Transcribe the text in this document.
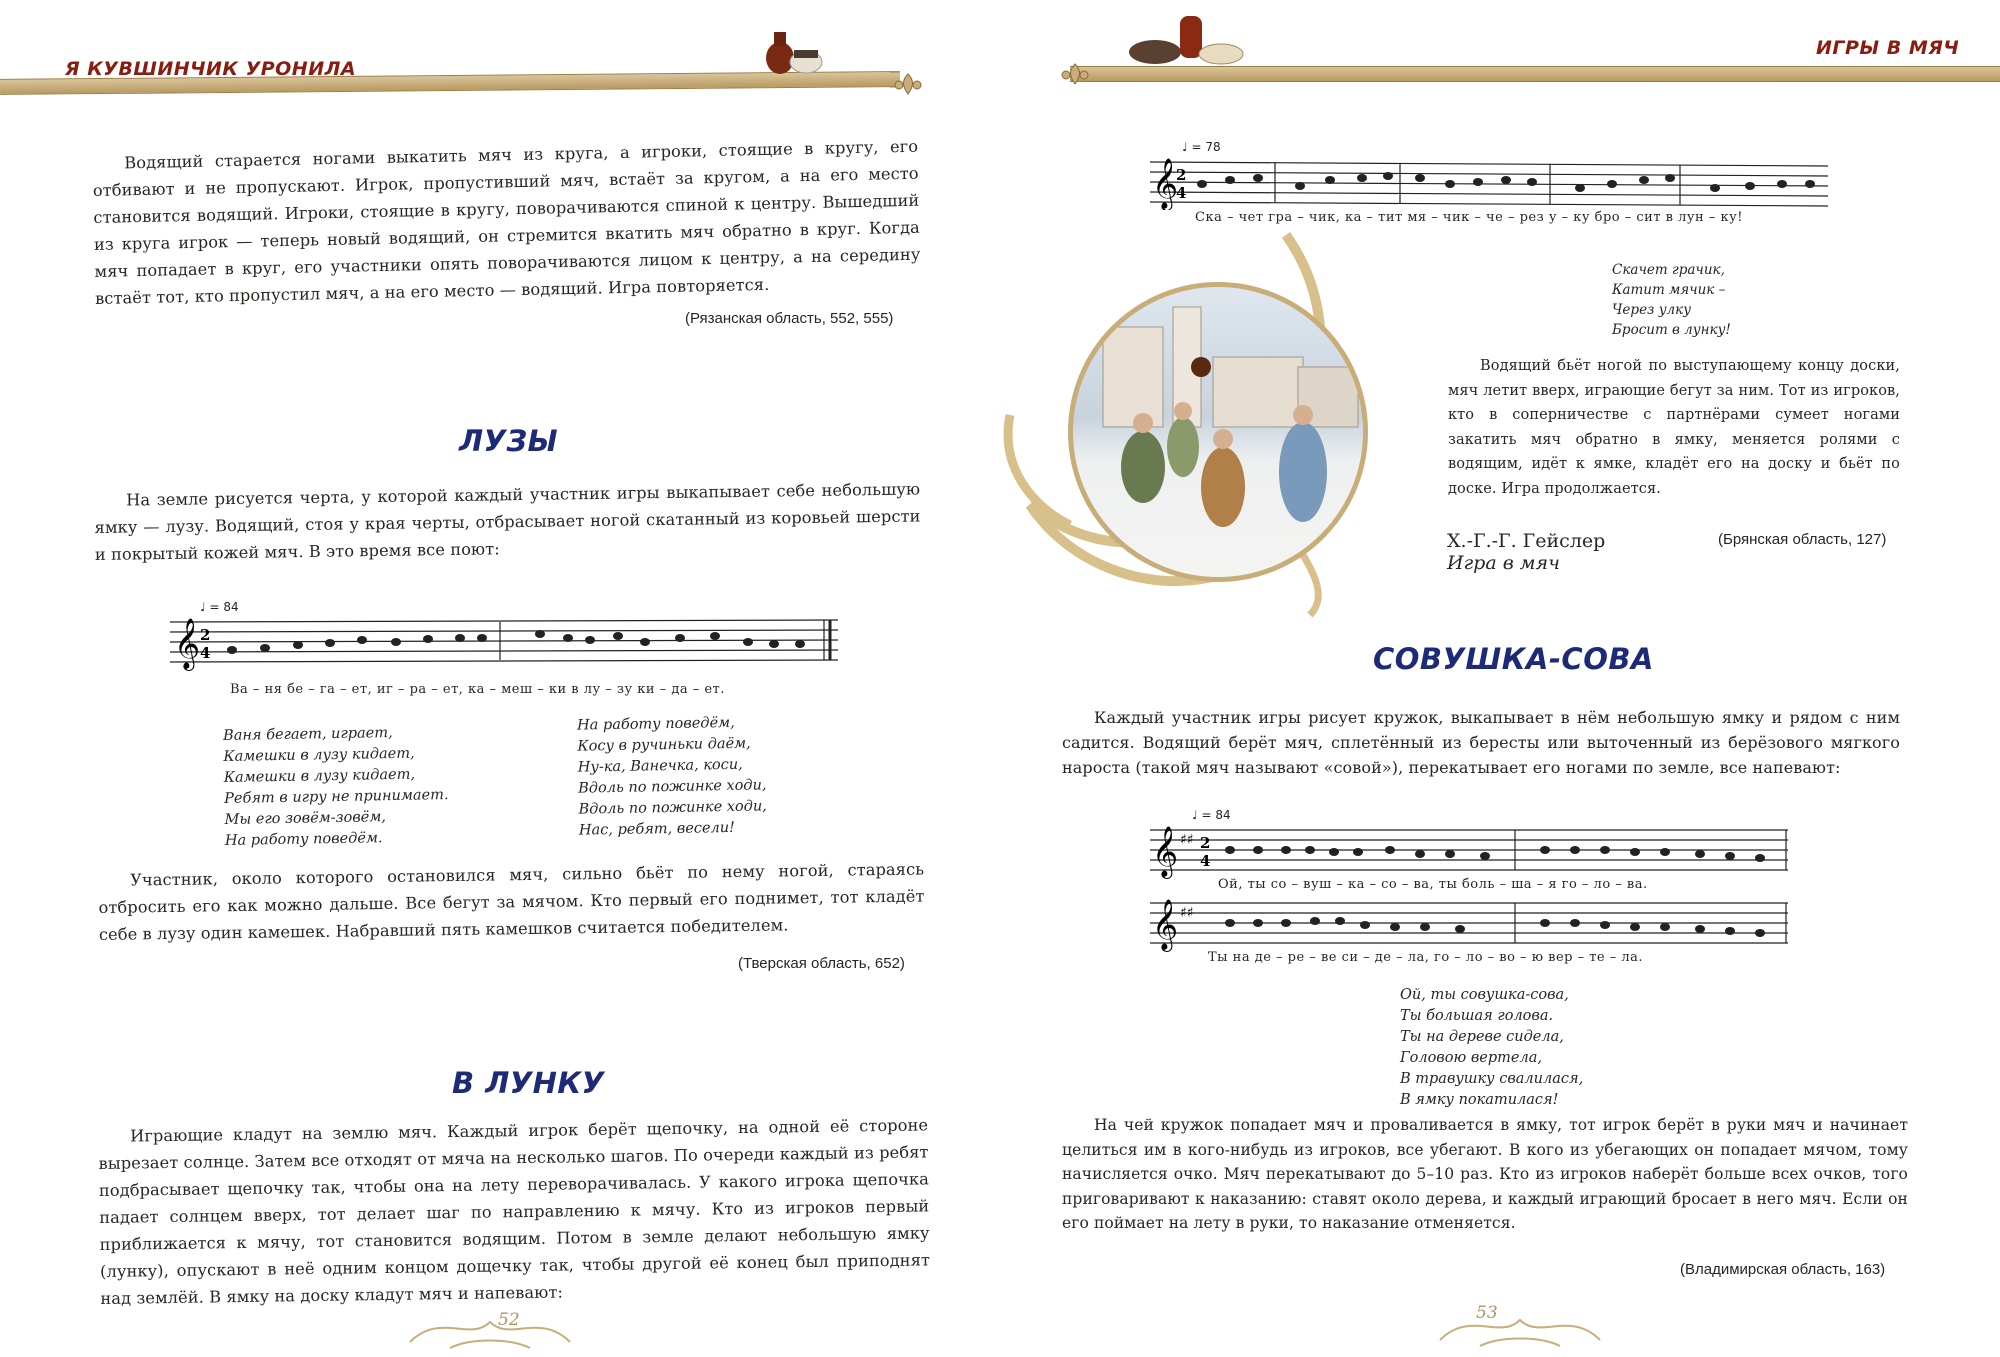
Я КУВШИНЧИК УРОНИЛА

Водящий старается ногами выкатить мяч из круга, а игроки, стоящие в кругу, его отбивают и не пропускают. Игрок, пропустивший мяч, встаёт за кругом, а на его место становится водящий. Игроки, стоящие в кругу, поворачиваются спиной к центру. Вышедший из круга игрок — теперь новый водящий, он стремится вкатить мяч обратно в круг. Когда мяч попадает в круг, его участники опять поворачиваются лицом к центру, а на середину встаёт тот, кто пропустил мяч, а на его место — водящий. Игра повторяется.

(Рязанская область, 552, 555)
ЛУЗЫ

На земле рисуется черта, у которой каждый участник игры выкапывает себе небольшую ямку — лузу. Водящий, стоя у края черты, отбрасывает ногой скатанный из коровьей шерсти и покрытый кожей мяч. В это время все поют:

♩ = 84
𝄞 2
4
Ва – ня бе – га – ет, иг – ра – ет, ка – меш – ки в лу – зу ки – да – ет.
Ваня бегает, играет,
Камешки в лузу кидает,
Камешки в лузу кидает,
Ребят в игру не принимает.
Мы его зовём-зовём,
На работу поведём.
На работу поведём,
Косу в ручиньки даём,
Ну-ка, Ванечка, коси,
Вдоль по пожинке ходи,
Вдоль по пожинке ходи,
Нас, ребят, весели!

Участник, около которого остановился мяч, сильно бьёт по нему ногой, стараясь отбросить его как можно дальше. Все бегут за мячом. Кто первый его поднимет, тот кладёт себе в лузу один камешек. Набравший пять камешков считается победителем.

(Тверская область, 652)
В ЛУНКУ

Играющие кладут на землю мяч. Каждый игрок берёт щепочку, на одной её стороне вырезает солнце. Затем все отходят от мяча на несколько шагов. По очереди каждый из ребят подбрасывает щепочку так, чтобы она на лету переворачивалась. У какого игрока щепочка падает солнцем вверх, тот делает шаг по направлению к мячу. Кто из игроков первый приближается к мячу, тот становится водящим. Потом в земле делают небольшую ямку (лунку), опускают в неё одним концом дощечку так, чтобы другой её конец был приподнят над землёй. В ямку на доску кладут мяч и напевают:

52
ИГРЫ В МЯЧ
♩ = 78
𝄞
2
4
Ска – чет гра – чик, ка – тит мя – чик – че – рез у – ку бро – сит в лун – ку!
Скачет грачик,
Катит мячик –
Через улку
Бросит в лунку!

Водящий бьёт ногой по выступающему концу доски, мяч летит вверх, играющие бегут за ним. Тот из игроков, кто в соперничестве с партнёрами сумеет ногами закатить мяч обратно в ямку, меняется ролями с водящим, идёт к ямке, кладёт его на доску и бьёт по доске. Игра продолжается.

Х.-Г.-Г. Гейслер
Игра в мяч
(Брянская область, 127)
СОВУШКА-СОВА

Каждый участник игры рисует кружок, выкапывает в нём небольшую ямку и рядом с ним садится. Водящий берёт мяч, сплетённый из бересты или выточенный из берёзового мягкого нароста (такой мяч называют «совой»), перекатывает его ногами по земле, все напевают:

♩ = 84
𝄞 ♯♯ 2
4
Ой, ты со – вуш – ка – со – ва, ты боль – ша – я го – ло – ва.
𝄞 ♯♯
Ты на де – ре – ве си – де – ла, го – ло – во – ю вер – те – ла.
Ой, ты совушка-сова,
Ты большая голова.
Ты на дереве сидела,
Головою вертела,
В травушку свалилася,
В ямку покатилася!

На чей кружок попадает мяч и проваливается в ямку, тот игрок берёт в руки мяч и начинает целиться им в кого-нибудь из игроков, все убегают. В кого из убегающих он попадает мячом, тому начисляется очко. Мяч перекатывают до 5–10 раз. Кто из игроков наберёт больше всех очков, того приговаривают к наказанию: ставят около дерева, и каждый играющий бросает в него мяч. Если он его поймает на лету в руки, то наказание отменяется.

(Владимирская область, 163)
53
